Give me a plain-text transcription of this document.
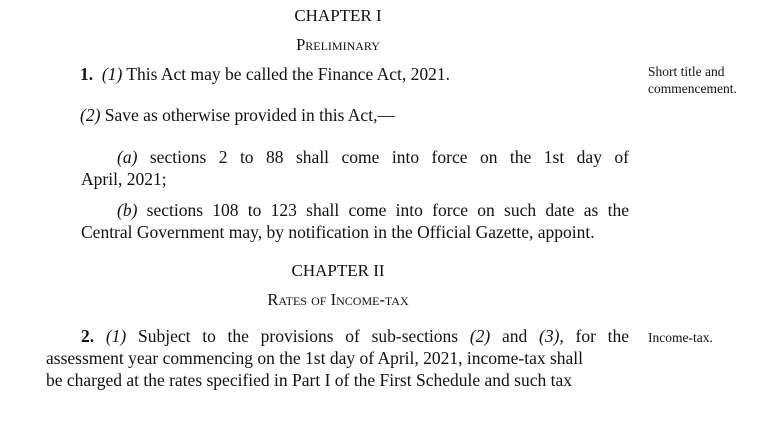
CHAPTER I
Preliminary
1. (1) This Act may be called the Finance Act, 2021.	Short title and
commencement.
(2) Save as otherwise provided in this Act,—
(a) sections 2 to 88 shall come into force on the 1st day of
April, 2021;
(b) sections 108 to 123 shall come into force on such date as the
Central Government may, by notification in the Official Gazette, appoint.
CHAPTER II
Rates of Income-tax
2. (1) Subject to the provisions of sub-sections (2) and (3), for the
assessment year commencing on the 1st day of April, 2021, income-tax shall
be charged at the rates specified in Part I of the First Schedule and such tax
Income-tax.
